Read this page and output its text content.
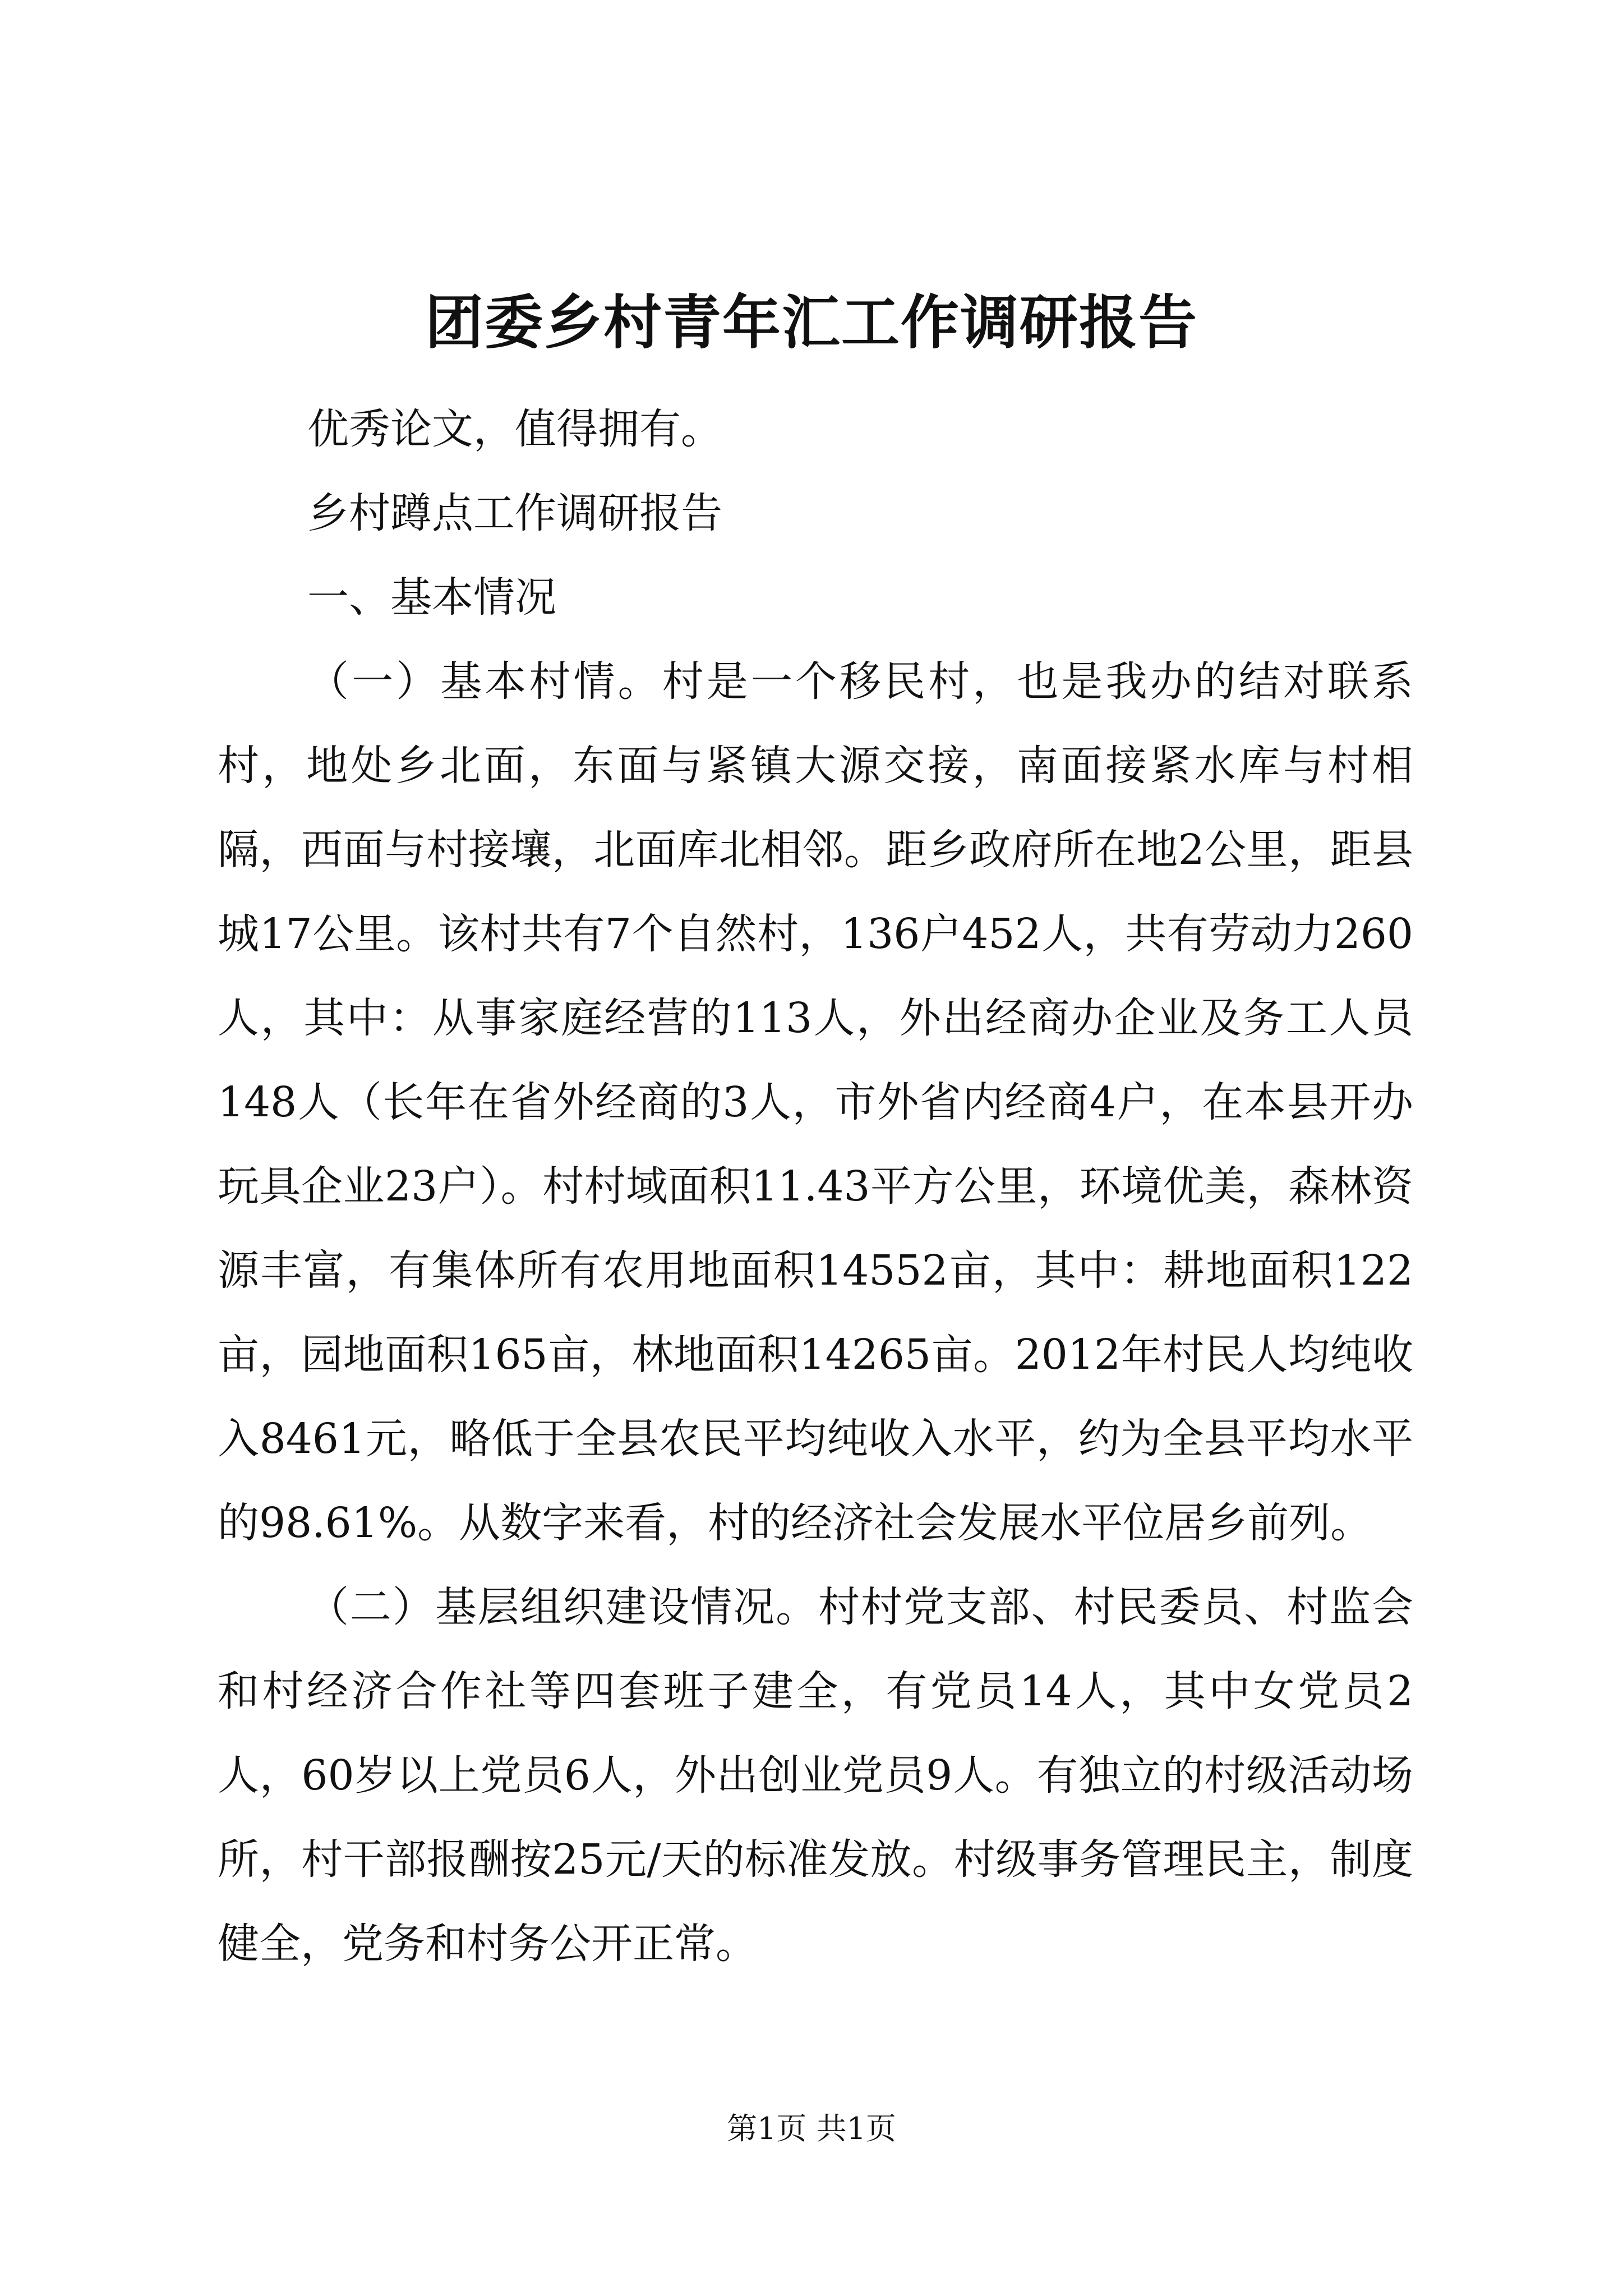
团委乡村青年汇工作调研报告

优秀论文，值得拥有。

乡村蹲点工作调研报告

一、基本情况

（一）基本村情。村是一个移民村，也是我办的结对联系村，地处乡北面，东面与紧镇大源交接，南面接紧水库与村相隔，西面与村接壤，北面库北相邻。距乡政府所在地2公里，距县城17公里。该村共有7个自然村，136户452人，共有劳动力260人，其中：从事家庭经营的113人，外出经商办企业及务工人员148人（长年在省外经商的3人，市外省内经商4户，在本县开办玩具企业23户）。村村域面积11.43平方公里，环境优美，森林资源丰富，有集体所有农用地面积14552亩，其中：耕地面积122亩，园地面积165亩，林地面积14265亩。2012年村民人均纯收入8461元，略低于全县农民平均纯收入水平，约为全县平均水平的98.61%。从数字来看，村的经济社会发展水平位居乡前列。

（二）基层组织建设情况。村村党支部、村民委员、村监会和村经济合作社等四套班子建全，有党员14人，其中女党员2人，60岁以上党员6人，外出创业党员9人。有独立的村级活动场所，村干部报酬按25元/天的标准发放。村级事务管理民主，制度健全，党务和村务公开正常。

第1页 共1页
